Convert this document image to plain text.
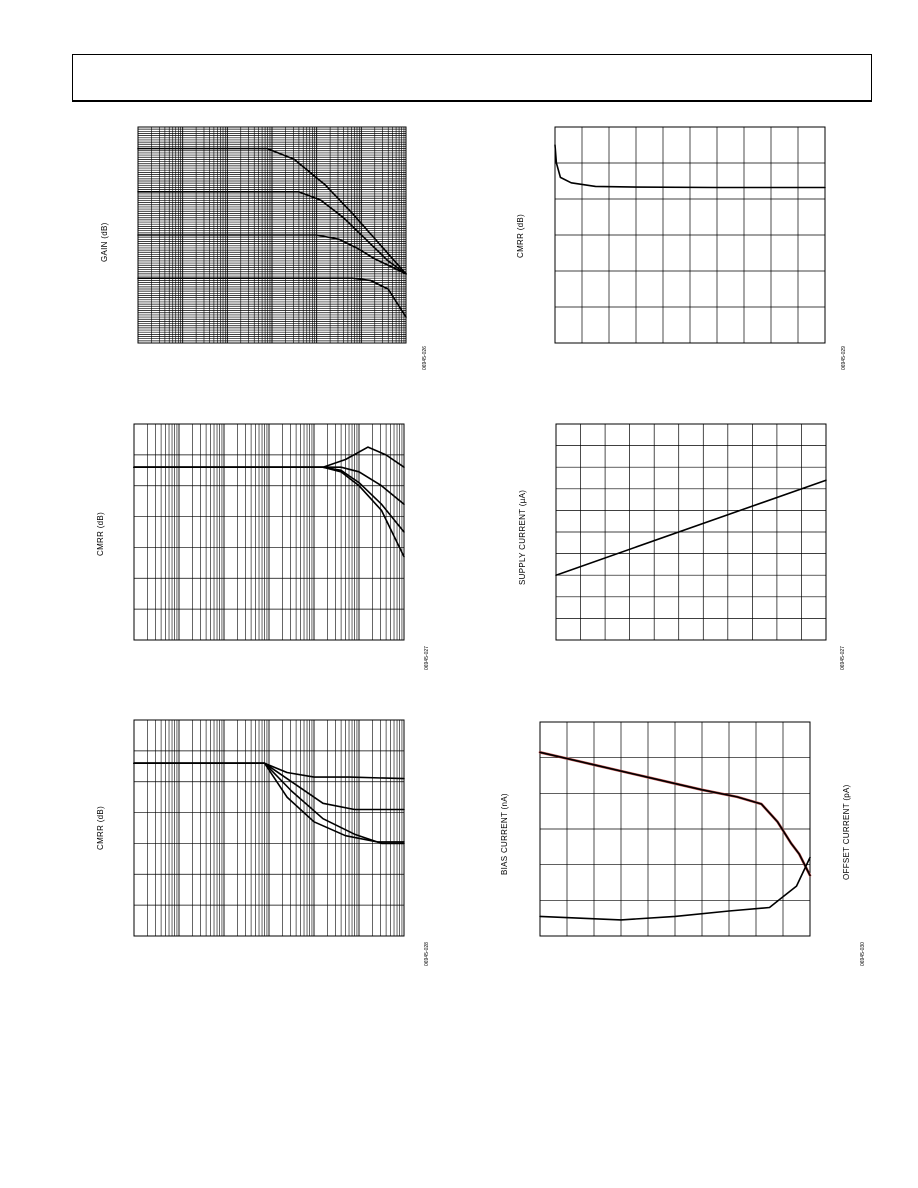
GAIN (dB)
06945-026
CMRR (dB)
06945-029
CMRR (dB)
06945-027
SUPPLY CURRENT (µA)
06945-027
CMRR (dB)
06945-028
BIAS CURRENT (nA)	OFFSET CURRENT (pA)
06945-030
